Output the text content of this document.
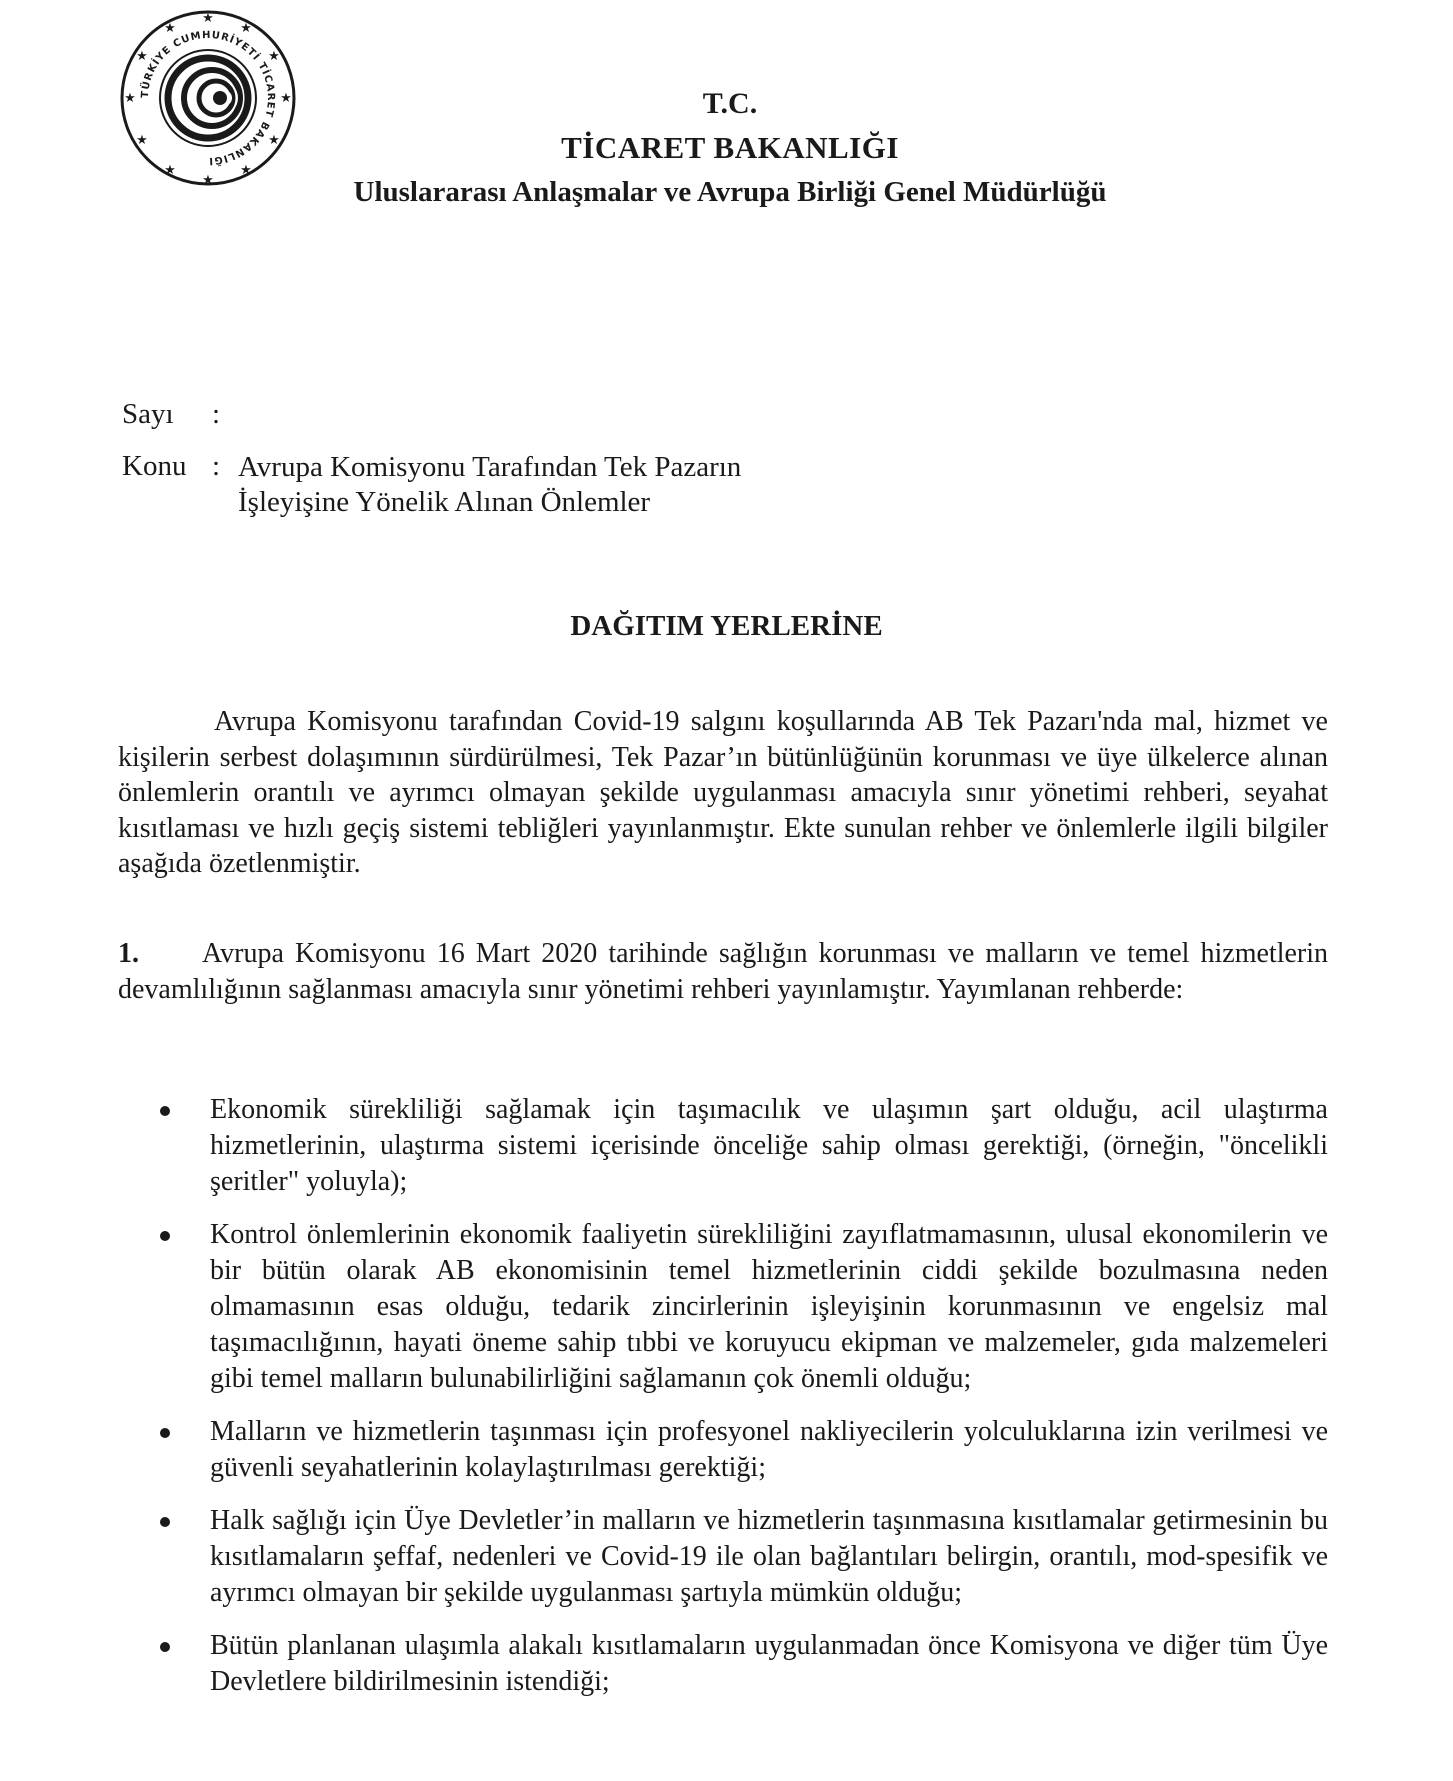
★
★
★
★
★
★
★
★
★
★
★
★
TÜRKİYE CUMHURİYETİ TİCARET BAKANLIĞI
T.C.
TİCARET BAKANLIĞI
Uluslararası Anlaşmalar ve Avrupa Birliği Genel Müdürlüğü
Sayı :
Konu : Avrupa Komisyonu Tarafından Tek Pazarın İşleyişine Yönelik Alınan Önlemler
DAĞITIM YERLERİNE
Avrupa Komisyonu tarafından Covid-19 salgını koşullarında AB Tek Pazarı'nda mal, hizmet ve kişilerin serbest dolaşımının sürdürülmesi, Tek Pazar’ın bütünlüğünün korunması ve üye ülkelerce alınan önlemlerin orantılı ve ayrımcı olmayan şekilde uygulanması amacıyla sınır yönetimi rehberi, seyahat kısıtlaması ve hızlı geçiş sistemi tebliğleri yayınlanmıştır. Ekte sunulan rehber ve önlemlerle ilgili bilgiler aşağıda özetlenmiştir.
1. Avrupa Komisyonu 16 Mart 2020 tarihinde sağlığın korunması ve malların ve temel hizmetlerin devamlılığının sağlanması amacıyla sınır yönetimi rehberi yayınlamıştır. Yayımlanan rehberde:
Ekonomik sürekliliği sağlamak için taşımacılık ve ulaşımın şart olduğu, acil ulaştırma hizmetlerinin, ulaştırma sistemi içerisinde önceliğe sahip olması gerektiği, (örneğin, "öncelikli şeritler" yoluyla);
Kontrol önlemlerinin ekonomik faaliyetin sürekliliğini zayıflatmamasının, ulusal ekonomilerin ve bir bütün olarak AB ekonomisinin temel hizmetlerinin ciddi şekilde bozulmasına neden olmamasının esas olduğu, tedarik zincirlerinin işleyişinin korunmasının ve engelsiz mal taşımacılığının, hayati öneme sahip tıbbi ve koruyucu ekipman ve malzemeler, gıda malzemeleri gibi temel malların bulunabilirliğini sağlamanın çok önemli olduğu;
Malların ve hizmetlerin taşınması için profesyonel nakliyecilerin yolculuklarına izin verilmesi ve güvenli seyahatlerinin kolaylaştırılması gerektiği;
Halk sağlığı için Üye Devletler’in malların ve hizmetlerin taşınmasına kısıtlamalar getirmesinin bu kısıtlamaların şeffaf, nedenleri ve Covid-19 ile olan bağlantıları belirgin, orantılı, mod-spesifik ve ayrımcı olmayan bir şekilde uygulanması şartıyla mümkün olduğu;
Bütün planlanan ulaşımla alakalı kısıtlamaların uygulanmadan önce Komisyona ve diğer tüm Üye Devletlere bildirilmesinin istendiği;
